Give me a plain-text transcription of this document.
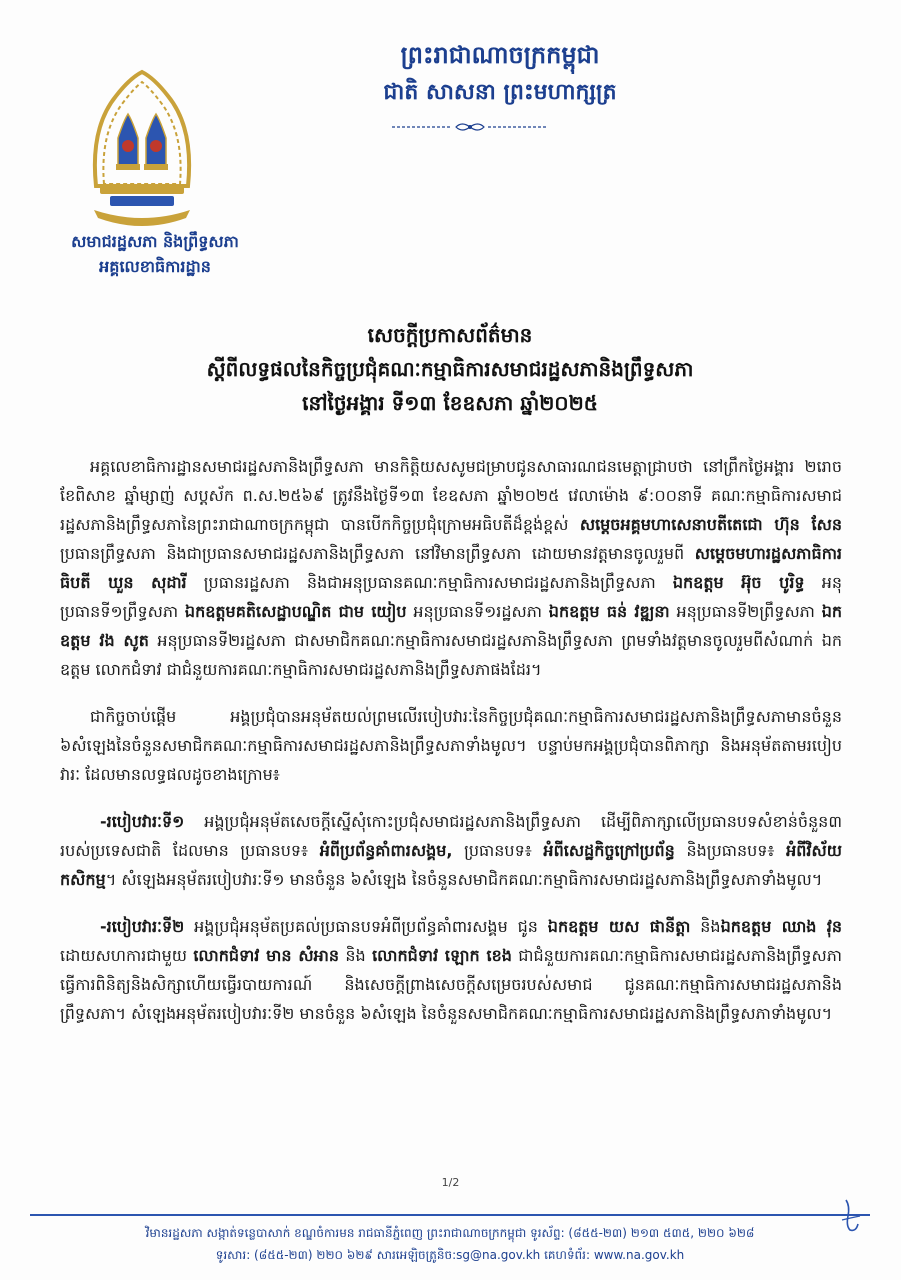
ព្រះរាជាណាចក្រកម្ពុជា
ជាតិ សាសនា ព្រះមហាក្សត្រ
សមាជរដ្ឋសភា និងព្រឹទ្ធសភា
អគ្គលេខាធិការដ្ឋាន
សេចក្តីប្រកាសព័ត៌មាន
ស្តីពីលទ្ធផលនៃកិច្ចប្រជុំគណៈកម្មាធិការសមាជរដ្ឋសភានិងព្រឹទ្ធសភា
នៅថ្ងៃអង្គារ ទី១៣ ខែឧសភា ឆ្នាំ២០២៥

អគ្គលេខាធិការដ្ឋានសមាជរដ្ឋសភានិងព្រឹទ្ធសភា មានកិត្តិយសសូមជម្រាបជូនសាធារណជនមេត្តាជ្រាបថា នៅព្រឹកថ្ងៃអង្គារ ២រោច ខែពិសាខ ឆ្នាំម្សាញ់ សប្តស័ក ព.ស.២៥៦៩ ត្រូវនឹងថ្ងៃទី១៣ ខែឧសភា ឆ្នាំ២០២៥ វេលាម៉ោង ៩:០០នាទី គណៈកម្មាធិការសមាជរដ្ឋសភានិងព្រឹទ្ធសភានៃព្រះរាជាណាចក្រកម្ពុជា បានបើកកិច្ចប្រជុំក្រោមអធិបតីដ៏ខ្ពង់ខ្ពស់ សម្តេចអគ្គមហាសេនាបតីតេជោ ហ៊ុន សែន ប្រធានព្រឹទ្ធសភា និងជាប្រធានសមាជរដ្ឋសភានិងព្រឹទ្ធសភា នៅវិមានព្រឹទ្ធសភា ដោយមានវត្តមានចូលរួមពី សម្តេចមហារដ្ឋសភាធិការធិបតី ឃួន សុដារី ប្រធានរដ្ឋសភា និងជាអនុប្រធានគណៈកម្មាធិការសមាជរដ្ឋសភានិងព្រឹទ្ធសភា ឯកឧត្តម អ៊ុច បូរិទ្ធ អនុប្រធានទី១ព្រឹទ្ធសភា ឯកឧត្តមគតិសេដ្ឋាបណ្ឌិត ជាម យៀប អនុប្រធានទី១រដ្ឋសភា ឯកឧត្តម ធន់ វឌ្ឍនា អនុប្រធានទី២ព្រឹទ្ធសភា ឯកឧត្តម វង សូត អនុប្រធានទី២រដ្ឋសភា ជាសមាជិកគណៈកម្មាធិការសមាជរដ្ឋសភានិងព្រឹទ្ធសភា ព្រមទាំងវត្តមានចូលរួមពីសំណាក់ ឯកឧត្តម លោកជំទាវ ជាជំនួយការគណៈកម្មាធិការសមាជរដ្ឋសភានិងព្រឹទ្ធសភាផងដែរ។

ជាកិច្ចចាប់ផ្តើម អង្គប្រជុំបានអនុម័តយល់ព្រមលើរបៀបវារៈនៃកិច្ចប្រជុំគណៈកម្មាធិការសមាជរដ្ឋសភានិងព្រឹទ្ធសភាមានចំនួន ៦សំឡេងនៃចំនួនសមាជិកគណៈកម្មាធិការសមាជរដ្ឋសភានិងព្រឹទ្ធសភាទាំងមូល។ បន្ទាប់មកអង្គប្រជុំបានពិភាក្សា និងអនុម័តតាមរបៀបវារៈ ដែលមានលទ្ធផលដូចខាងក្រោម៖

-របៀបវារៈទី១ អង្គប្រជុំអនុម័តសេចក្តីស្នើសុំកោះប្រជុំសមាជរដ្ឋសភានិងព្រឹទ្ធសភា ដើម្បីពិភាក្សាលើប្រធានបទសំខាន់ចំនួន៣ របស់ប្រទេសជាតិ ដែលមាន ប្រធានបទ៖ អំពីប្រព័ន្ធគាំពារសង្គម, ប្រធានបទ៖ អំពីសេដ្ឋកិច្ចក្រៅប្រព័ន្ធ និងប្រធានបទ៖ អំពីវិស័យកសិកម្ម។ សំឡេងអនុម័តរបៀបវារៈទី១ មានចំនួន ៦សំឡេង នៃចំនួនសមាជិកគណៈកម្មាធិការសមាជរដ្ឋសភានិងព្រឹទ្ធសភាទាំងមូល។

-របៀបវារៈទី២ អង្គប្រជុំអនុម័តប្រគល់ប្រធានបទអំពីប្រព័ន្ធគាំពារសង្គម ជូន ឯកឧត្តម យស ផានីត្តា និងឯកឧត្តម ឈាង វុន ដោយសហការជាមួយ លោកជំទាវ មាន សំអាន និង លោកជំទាវ ឡោក ខេង ជាជំនួយការគណៈកម្មាធិការសមាជរដ្ឋសភានិងព្រឹទ្ធសភាធ្វើការពិនិត្យនិងសិក្សាហើយធ្វើរបាយការណ៍ និងសេចក្តីព្រាងសេចក្តីសម្រេចរបស់សមាជ ជូនគណៈកម្មាធិការសមាជរដ្ឋសភានិងព្រឹទ្ធសភា។ សំឡេងអនុម័តរបៀបវារៈទី២ មានចំនួន ៦សំឡេង នៃចំនួនសមាជិកគណៈកម្មាធិការសមាជរដ្ឋសភានិងព្រឹទ្ធសភាទាំងមូល។

1/2
វិមានរដ្ឋសភា សង្កាត់ទន្លេបាសាក់ ខណ្ឌចំការមន រាជធានីភ្នំពេញ ព្រះរាជាណាចក្រកម្ពុជា ទូរស័ព្ទ: (៨៥៥-២៣) ២១៣ ៥៣៥, ២២០ ៦២៨
ទូរសារ: (៨៥៥-២៣) ២២០ ៦២៩ សារអេឡិចត្រូនិច:sg@na.gov.kh គេហទំព័រ: www.na.gov.kh
